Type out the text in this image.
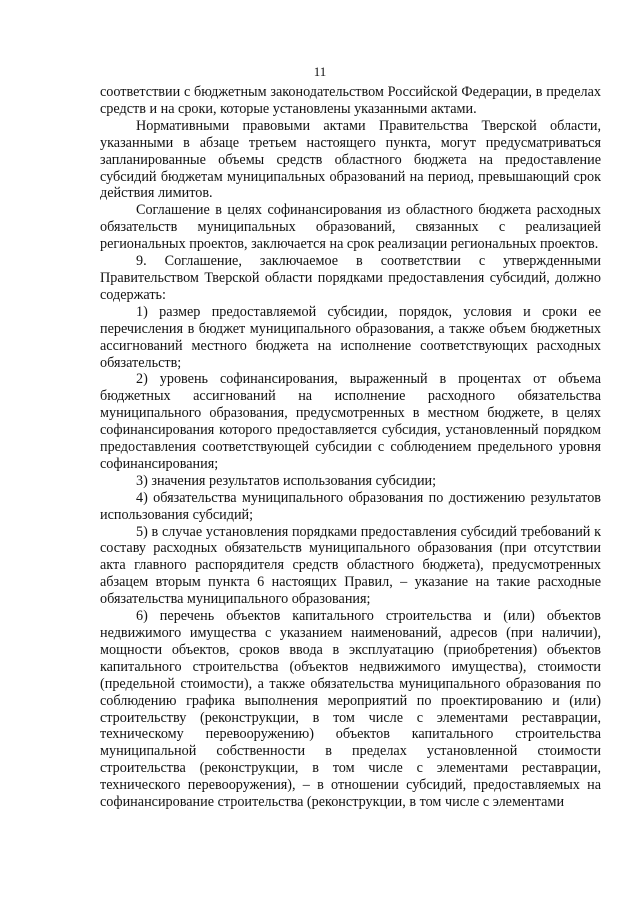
11

соответствии с бюджетным законодательством Российской Федерации, в пределах средств и на сроки, которые установлены указанными актами.

Нормативными правовыми актами Правительства Тверской области, указанными в абзаце третьем настоящего пункта, могут предусматриваться запланированные объемы средств областного бюджета на предоставление субсидий бюджетам муниципальных образований на период, превышающий срок действия лимитов.

Соглашение в целях софинансирования из областного бюджета расходных обязательств муниципальных образований, связанных с реализацией региональных проектов, заключается на срок реализации региональных проектов.

9. Соглашение, заключаемое в соответствии с утвержденными Правительством Тверской области порядками предоставления субсидий, должно содержать:

1) размер предоставляемой субсидии, порядок, условия и сроки ее перечисления в бюджет муниципального образования, а также объем бюджетных ассигнований местного бюджета на исполнение соответствующих расходных обязательств;

2) уровень софинансирования, выраженный в процентах от объема бюджетных ассигнований на исполнение расходного обязательства муниципального образования, предусмотренных в местном бюджете, в целях софинансирования которого предоставляется субсидия, установленный порядком предоставления соответствующей субсидии с соблюдением предельного уровня софинансирования;

3) значения результатов использования субсидии;

4) обязательства муниципального образования по достижению результатов использования субсидий;

5) в случае установления порядками предоставления субсидий требований к составу расходных обязательств муниципального образования (при отсутствии акта главного распорядителя средств областного бюджета), предусмотренных абзацем вторым пункта 6 настоящих Правил, – указание на такие расходные обязательства муниципального образования;

6) перечень объектов капитального строительства и (или) объектов недвижимого имущества с указанием наименований, адресов (при наличии), мощности объектов, сроков ввода в эксплуатацию (приобретения) объектов капитального строительства (объектов недвижимого имущества), стоимости (предельной стоимости), а также обязательства муниципального образования по соблюдению графика выполнения мероприятий по проектированию и (или) строительству (реконструкции, в том числе с элементами реставрации, техническому перевооружению) объектов капитального строительства муниципальной собственности в пределах установленной стоимости строительства (реконструкции, в том числе с элементами реставрации, технического перевооружения), – в отношении субсидий, предоставляемых на софинансирование строительства (реконструкции, в том числе с элементами
